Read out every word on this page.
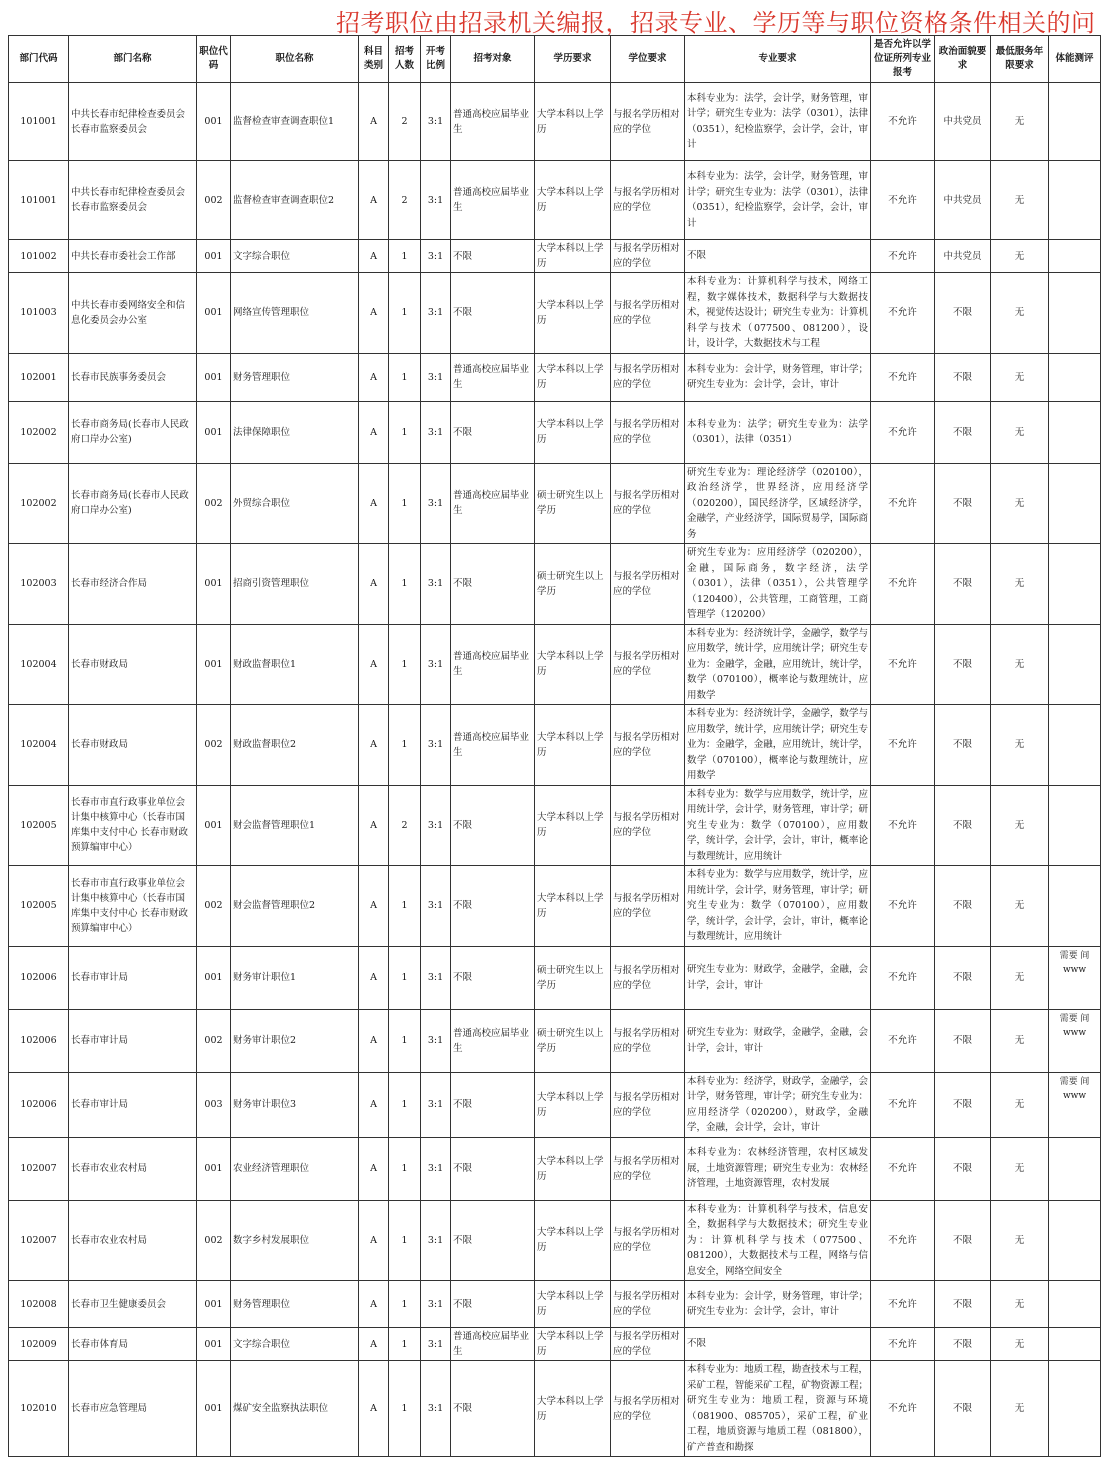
招考职位由招录机关编报，招录专业、学历等与职位资格条件相关的问
部门代码	部门名称	职位代码	职位名称	科目类别	招考人数	开考比例	招考对象	学历要求	学位要求	专业要求	是否允许以学位证所列专业报考	政治面貌要求	最低服务年限要求	体能测评
101001	中共长春市纪律检查委员会长春市监察委员会	001	监督检查审查调查职位1	A	2	3:1	普通高校应届毕业生	大学本科以上学历	与报名学历相对应的学位	本科专业为：法学，会计学，财务管理，审计学；研究生专业为：法学（0301），法律（0351），纪检监察学，会计学，会计，审计	不允许	中共党员	无	
101001	中共长春市纪律检查委员会长春市监察委员会	002	监督检查审查调查职位2	A	2	3:1	普通高校应届毕业生	大学本科以上学历	与报名学历相对应的学位	本科专业为：法学，会计学，财务管理，审计学；研究生专业为：法学（0301），法律（0351），纪检监察学，会计学，会计，审计	不允许	中共党员	无	
101002	中共长春市委社会工作部	001	文字综合职位	A	1	3:1	不限	大学本科以上学历	与报名学历相对应的学位	不限	不允许	中共党员	无	
101003	中共长春市委网络安全和信息化委员会办公室	001	网络宣传管理职位	A	1	3:1	不限	大学本科以上学历	与报名学历相对应的学位	本科专业为：计算机科学与技术，网络工程，数字媒体技术，数据科学与大数据技术，视觉传达设计；研究生专业为：计算机科学与技术（077500、081200），设计，设计学，大数据技术与工程	不允许	不限	无	
102001	长春市民族事务委员会	001	财务管理职位	A	1	3:1	普通高校应届毕业生	大学本科以上学历	与报名学历相对应的学位	本科专业为：会计学，财务管理，审计学；研究生专业为：会计学，会计，审计	不允许	不限	无	
102002	长春市商务局(长春市人民政府口岸办公室)	001	法律保障职位	A	1	3:1	不限	大学本科以上学历	与报名学历相对应的学位	本科专业为：法学；研究生专业为：法学（0301），法律（0351）	不允许	不限	无	
102002	长春市商务局(长春市人民政府口岸办公室)	002	外贸综合职位	A	1	3:1	普通高校应届毕业生	硕士研究生以上学历	与报名学历相对应的学位	研究生专业为：理论经济学（020100），政治经济学，世界经济，应用经济学（020200），国民经济学，区域经济学，金融学，产业经济学，国际贸易学，国际商务	不允许	不限	无	
102003	长春市经济合作局	001	招商引资管理职位	A	1	3:1	不限	硕士研究生以上学历	与报名学历相对应的学位	研究生专业为：应用经济学（020200），金融，国际商务，数字经济，法学（0301），法律（0351），公共管理学（120400），公共管理，工商管理，工商管理学（120200）	不允许	不限	无	
102004	长春市财政局	001	财政监督职位1	A	1	3:1	普通高校应届毕业生	大学本科以上学历	与报名学历相对应的学位	本科专业为：经济统计学，金融学，数学与应用数学，统计学，应用统计学；研究生专业为：金融学，金融，应用统计，统计学，数学（070100），概率论与数理统计，应用数学	不允许	不限	无	
102004	长春市财政局	002	财政监督职位2	A	1	3:1	普通高校应届毕业生	大学本科以上学历	与报名学历相对应的学位	本科专业为：经济统计学，金融学，数学与应用数学，统计学，应用统计学；研究生专业为：金融学，金融，应用统计，统计学，数学（070100），概率论与数理统计，应用数学	不允许	不限	无	
102005	长春市市直行政事业单位会计集中核算中心（长春市国库集中支付中心 长春市财政预算编审中心）	001	财会监督管理职位1	A	2	3:1	不限	大学本科以上学历	与报名学历相对应的学位	本科专业为：数学与应用数学，统计学，应用统计学，会计学，财务管理，审计学；研究生专业为：数学（070100），应用数学，统计学，会计学，会计，审计，概率论与数理统计，应用统计	不允许	不限	无	
102005	长春市市直行政事业单位会计集中核算中心（长春市国库集中支付中心 长春市财政预算编审中心）	002	财会监督管理职位2	A	1	3:1	不限	大学本科以上学历	与报名学历相对应的学位	本科专业为：数学与应用数学，统计学，应用统计学，会计学，财务管理，审计学；研究生专业为：数学（070100），应用数学，统计学，会计学，会计，审计，概率论与数理统计，应用统计	不允许	不限	无	
102006	长春市审计局	001	财务审计职位1	A	1	3:1	不限	硕士研究生以上学历	与报名学历相对应的学位	研究生专业为：财政学，金融学，金融，会计学，会计，审计	不允许	不限	无	需要 间 www
102006	长春市审计局	002	财务审计职位2	A	1	3:1	普通高校应届毕业生	硕士研究生以上学历	与报名学历相对应的学位	研究生专业为：财政学，金融学，金融，会计学，会计，审计	不允许	不限	无	需要 间 www
102006	长春市审计局	003	财务审计职位3	A	1	3:1	不限	大学本科以上学历	与报名学历相对应的学位	本科专业为：经济学，财政学，金融学，会计学，财务管理，审计学；研究生专业为：应用经济学（020200），财政学，金融学，金融，会计学，会计，审计	不允许	不限	无	需要 间 www
102007	长春市农业农村局	001	农业经济管理职位	A	1	3:1	不限	大学本科以上学历	与报名学历相对应的学位	本科专业为：农林经济管理，农村区域发展，土地资源管理；研究生专业为：农林经济管理，土地资源管理，农村发展	不允许	不限	无	
102007	长春市农业农村局	002	数字乡村发展职位	A	1	3:1	不限	大学本科以上学历	与报名学历相对应的学位	本科专业为：计算机科学与技术，信息安全，数据科学与大数据技术；研究生专业为：计算机科学与技术（077500、081200），大数据技术与工程，网络与信息安全，网络空间安全	不允许	不限	无	
102008	长春市卫生健康委员会	001	财务管理职位	A	1	3:1	不限	大学本科以上学历	与报名学历相对应的学位	本科专业为：会计学，财务管理，审计学；研究生专业为：会计学，会计，审计	不允许	不限	无	
102009	长春市体育局	001	文字综合职位	A	1	3:1	普通高校应届毕业生	大学本科以上学历	与报名学历相对应的学位	不限	不允许	不限	无	
102010	长春市应急管理局	001	煤矿安全监察执法职位	A	1	3:1	不限	大学本科以上学历	与报名学历相对应的学位	本科专业为：地质工程，勘查技术与工程，采矿工程，智能采矿工程，矿物资源工程；研究生专业为：地质工程，资源与环境（081900、085705），采矿工程，矿业工程，地质资源与地质工程（081800），矿产普查和勘探	不允许	不限	无	
